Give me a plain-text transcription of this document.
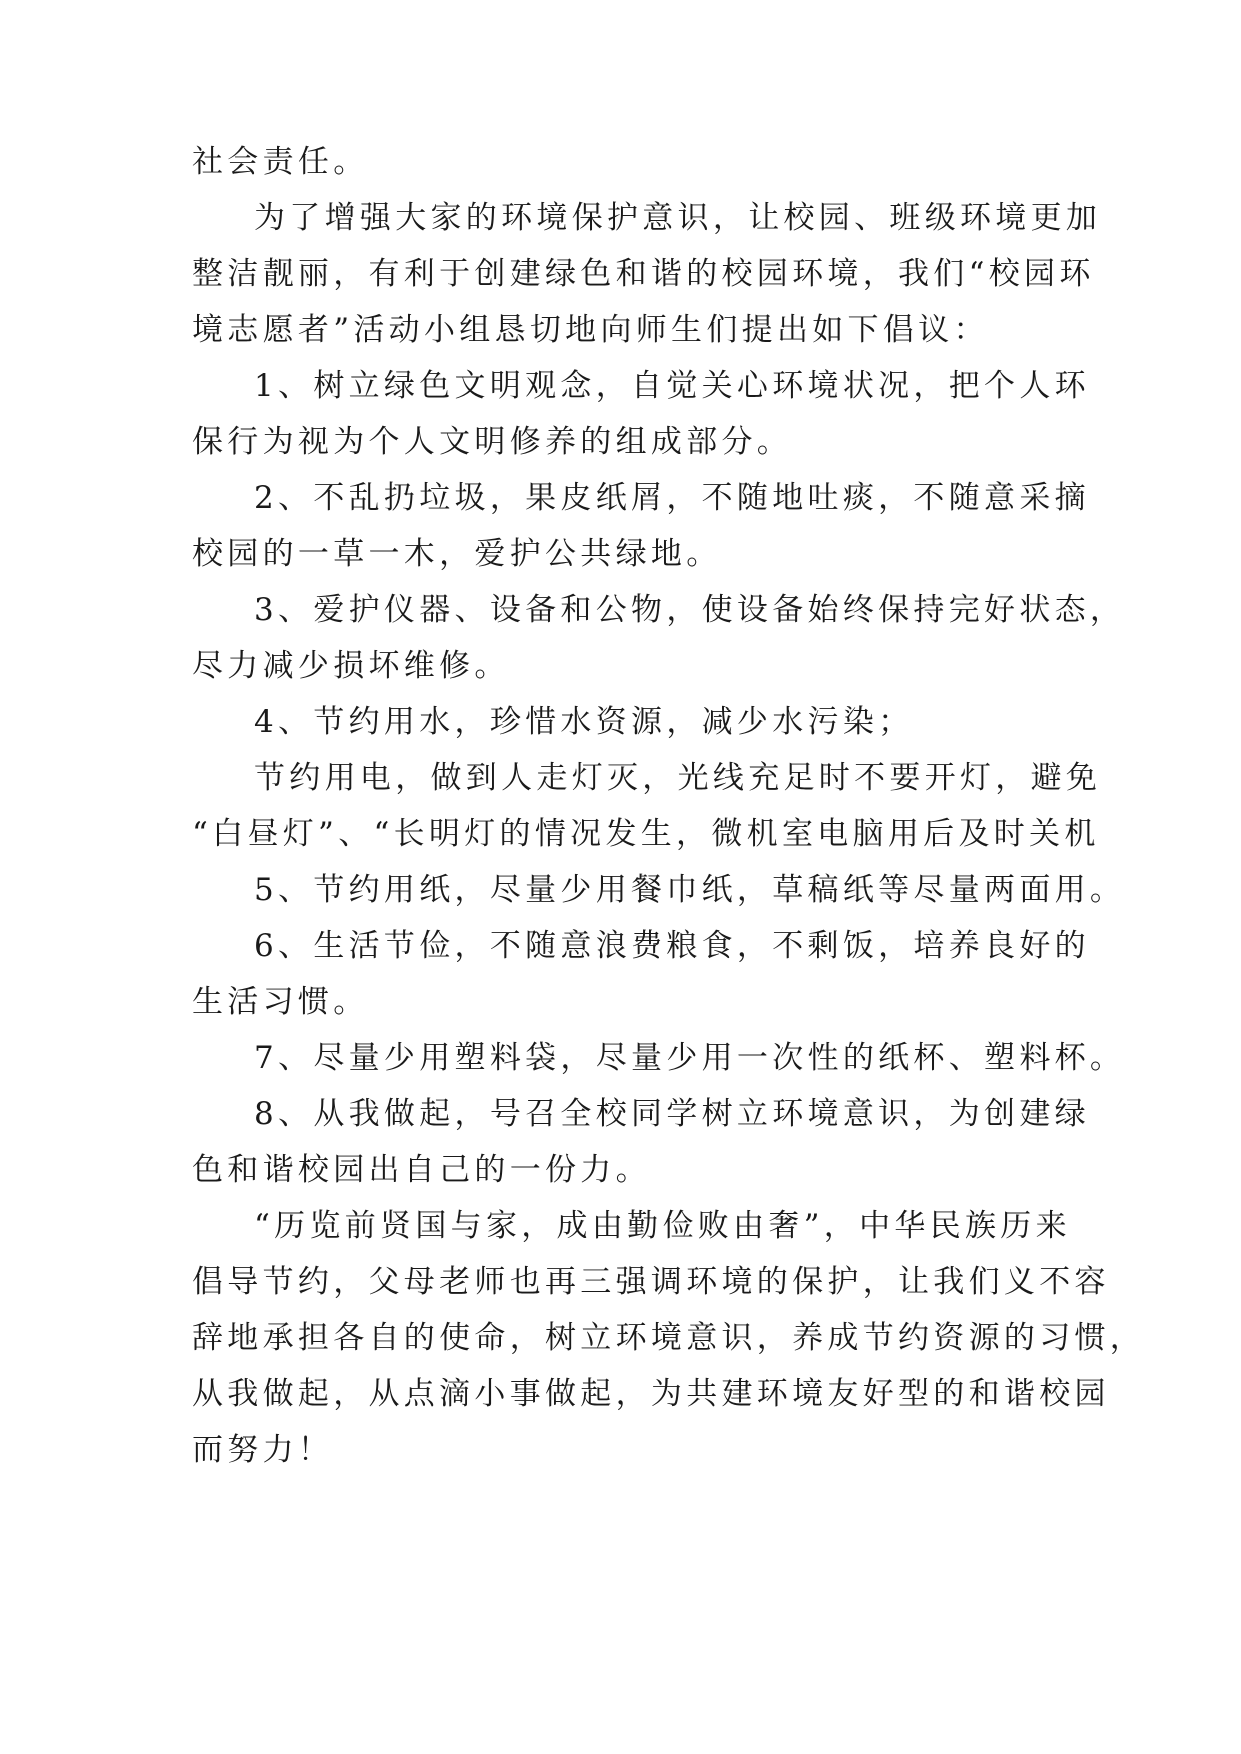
社会责任。
为了增强大家的环境保护意识，让校园、班级环境更加
整洁靓丽，有利于创建绿色和谐的校园环境，我们“校园环
境志愿者”活动小组恳切地向师生们提出如下倡议：
1、树立绿色文明观念，自觉关心环境状况，把个人环
保行为视为个人文明修养的组成部分。
2、不乱扔垃圾，果皮纸屑，不随地吐痰，不随意采摘
校园的一草一木，爱护公共绿地。
3、爱护仪器、设备和公物，使设备始终保持完好状态，
尽力减少损坏维修。
4、节约用水，珍惜水资源，减少水污染；
节约用电，做到人走灯灭，光线充足时不要开灯，避免
“白昼灯”、“长明灯的情况发生，微机室电脑用后及时关机
5、节约用纸，尽量少用餐巾纸，草稿纸等尽量两面用。
6、生活节俭，不随意浪费粮食，不剩饭，培养良好的
生活习惯。
7、尽量少用塑料袋，尽量少用一次性的纸杯、塑料杯。
8、从我做起，号召全校同学树立环境意识，为创建绿
色和谐校园出自己的一份力。
“历览前贤国与家，成由勤俭败由奢”，中华民族历来
倡导节约，父母老师也再三强调环境的保护，让我们义不容
辞地承担各自的使命，树立环境意识，养成节约资源的习惯，
从我做起，从点滴小事做起，为共建环境友好型的和谐校园
而努力！
